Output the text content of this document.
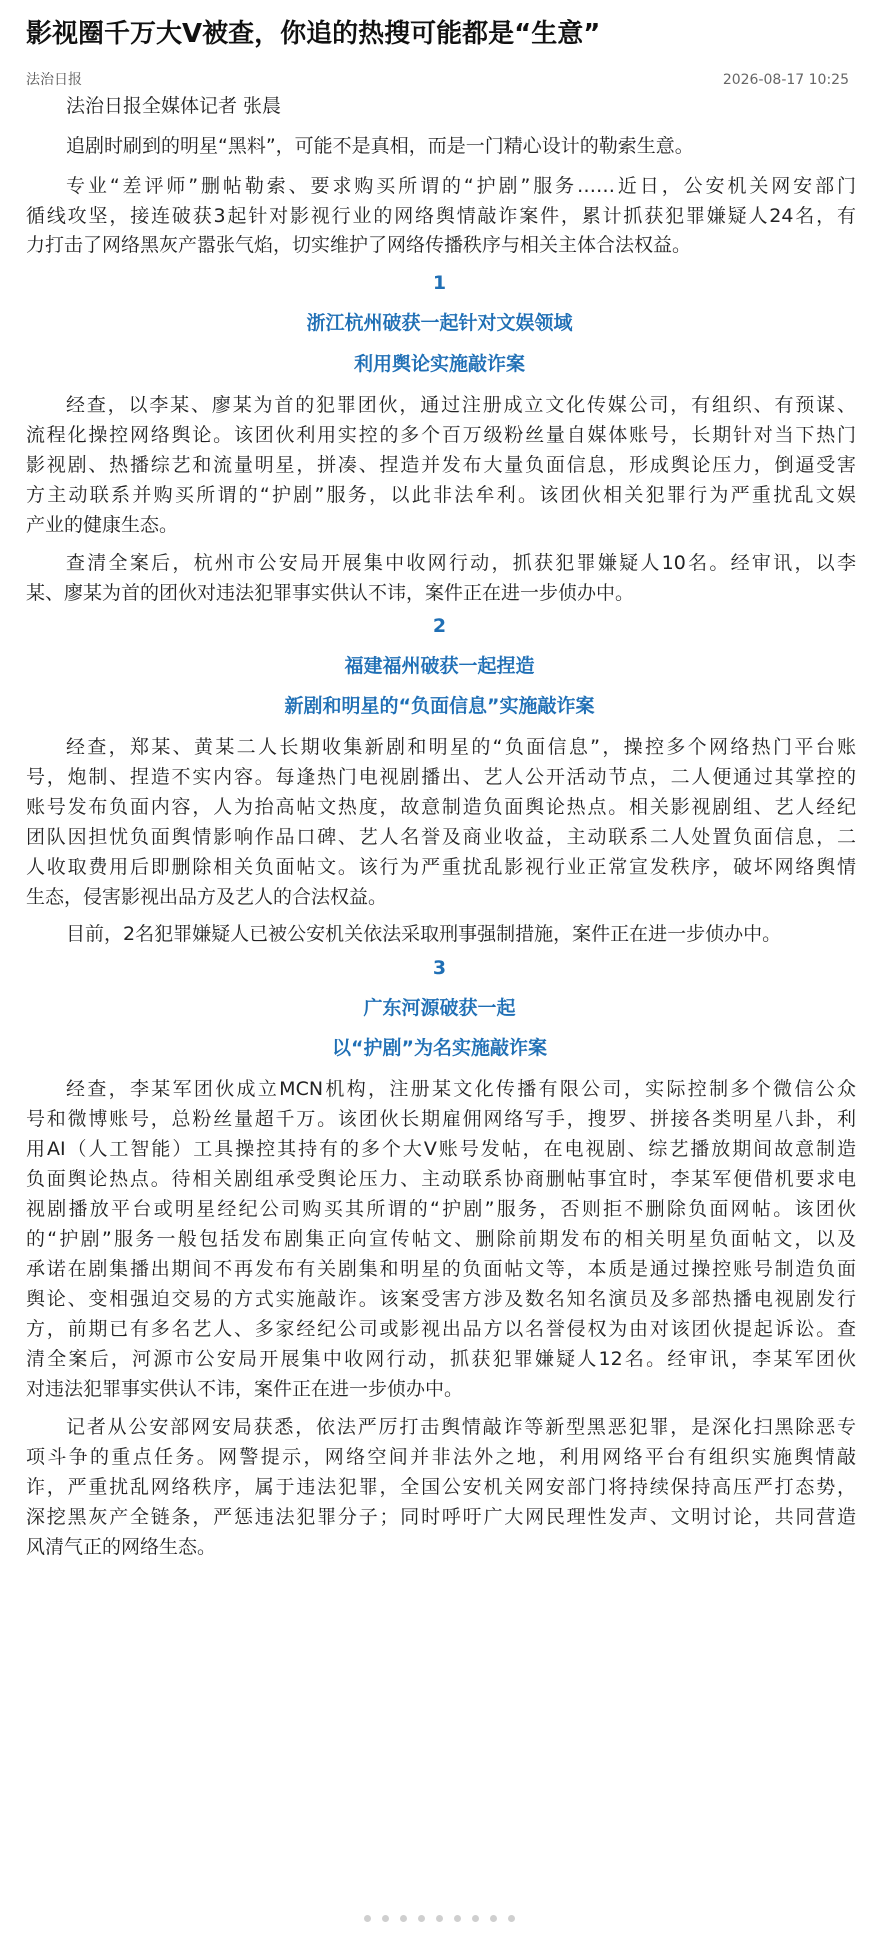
影视圈千万大V被查，你追的热搜可能都是“生意”
法治日报	2026-08-17 10:25
法治日报全媒体记者 张晨
追剧时刷到的明星“黑料”，可能不是真相，而是一门精心设计的勒索生意。
专业“差评师”删帖勒索、要求购买所谓的“护剧”服务……近日，公安机关网安部门
循线攻坚，接连破获3起针对影视行业的网络舆情敲诈案件，累计抓获犯罪嫌疑人24名，有
力打击了网络黑灰产嚣张气焰，切实维护了网络传播秩序与相关主体合法权益。
1
浙江杭州破获一起针对文娱领域
利用舆论实施敲诈案
经查，以李某、廖某为首的犯罪团伙，通过注册成立文化传媒公司，有组织、有预谋、
流程化操控网络舆论。该团伙利用实控的多个百万级粉丝量自媒体账号，长期针对当下热门
影视剧、热播综艺和流量明星，拼凑、捏造并发布大量负面信息，形成舆论压力，倒逼受害
方主动联系并购买所谓的“护剧”服务，以此非法牟利。该团伙相关犯罪行为严重扰乱文娱
产业的健康生态。
查清全案后，杭州市公安局开展集中收网行动，抓获犯罪嫌疑人10名。经审讯，以李
某、廖某为首的团伙对违法犯罪事实供认不讳，案件正在进一步侦办中。
2
福建福州破获一起捏造
新剧和明星的“负面信息”实施敲诈案
经查，郑某、黄某二人长期收集新剧和明星的“负面信息”，操控多个网络热门平台账
号，炮制、捏造不实内容。每逢热门电视剧播出、艺人公开活动节点，二人便通过其掌控的
账号发布负面内容，人为抬高帖文热度，故意制造负面舆论热点。相关影视剧组、艺人经纪
团队因担忧负面舆情影响作品口碑、艺人名誉及商业收益，主动联系二人处置负面信息，二
人收取费用后即删除相关负面帖文。该行为严重扰乱影视行业正常宣发秩序，破坏网络舆情
生态，侵害影视出品方及艺人的合法权益。
目前，2名犯罪嫌疑人已被公安机关依法采取刑事强制措施，案件正在进一步侦办中。
3
广东河源破获一起
以“护剧”为名实施敲诈案
经查，李某军团伙成立MCN机构，注册某文化传播有限公司，实际控制多个微信公众
号和微博账号，总粉丝量超千万。该团伙长期雇佣网络写手，搜罗、拼接各类明星八卦，利
用AI（人工智能）工具操控其持有的多个大V账号发帖，在电视剧、综艺播放期间故意制造
负面舆论热点。待相关剧组承受舆论压力、主动联系协商删帖事宜时，李某军便借机要求电
视剧播放平台或明星经纪公司购买其所谓的“护剧”服务，否则拒不删除负面网帖。该团伙
的“护剧”服务一般包括发布剧集正向宣传帖文、删除前期发布的相关明星负面帖文，以及
承诺在剧集播出期间不再发布有关剧集和明星的负面帖文等，本质是通过操控账号制造负面
舆论、变相强迫交易的方式实施敲诈。该案受害方涉及数名知名演员及多部热播电视剧发行
方，前期已有多名艺人、多家经纪公司或影视出品方以名誉侵权为由对该团伙提起诉讼。查
清全案后，河源市公安局开展集中收网行动，抓获犯罪嫌疑人12名。经审讯，李某军团伙
对违法犯罪事实供认不讳，案件正在进一步侦办中。
记者从公安部网安局获悉，依法严厉打击舆情敲诈等新型黑恶犯罪，是深化扫黑除恶专
项斗争的重点任务。网警提示，网络空间并非法外之地，利用网络平台有组织实施舆情敲
诈，严重扰乱网络秩序，属于违法犯罪，全国公安机关网安部门将持续保持高压严打态势，
深挖黑灰产全链条，严惩违法犯罪分子；同时呼吁广大网民理性发声、文明讨论，共同营造
风清气正的网络生态。
